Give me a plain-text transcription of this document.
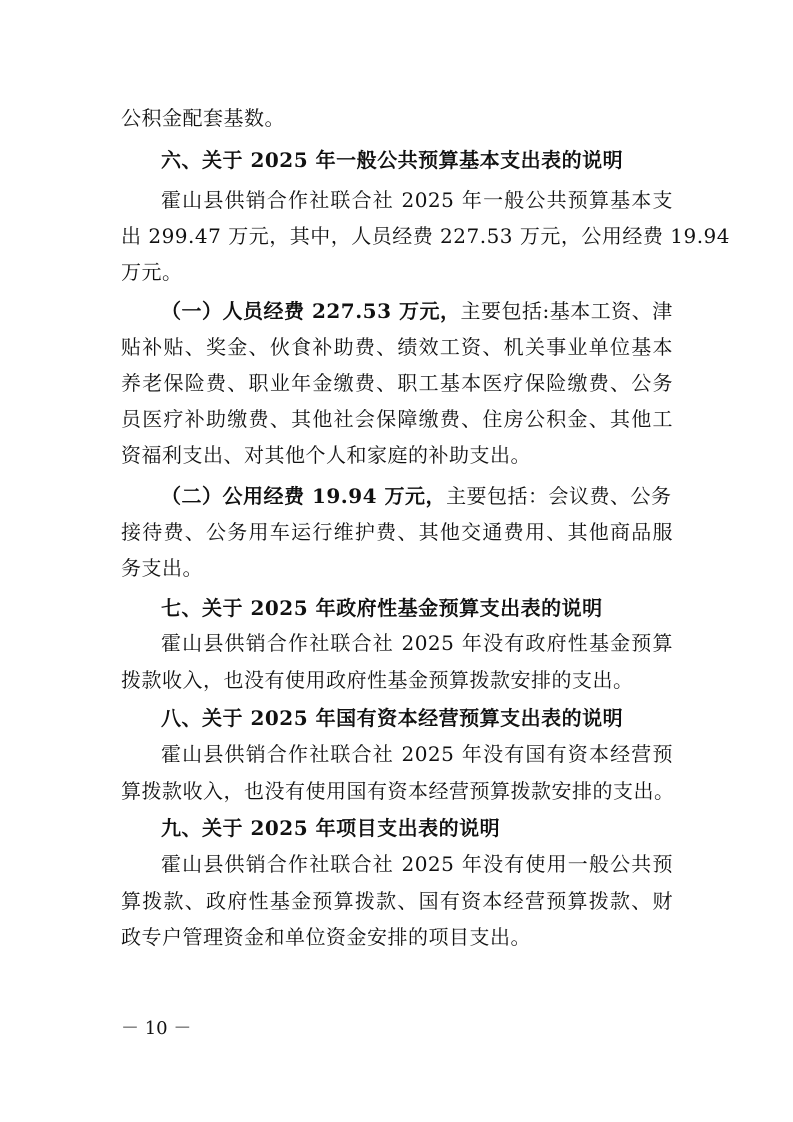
公积金配套基数。
六、关于 2025 年一般公共预算基本支出表的说明
霍山县供销合作社联合社 2025 年一般公共预算基本支
出 299.47 万元，其中，人员经费 227.53 万元，公用经费 19.94
万元。
（一）人员经费 227.53 万元，主要包括:基本工资、津
贴补贴、奖金、伙食补助费、绩效工资、机关事业单位基本
养老保险费、职业年金缴费、职工基本医疗保险缴费、公务
员医疗补助缴费、其他社会保障缴费、住房公积金、其他工
资福利支出、对其他个人和家庭的补助支出。
（二）公用经费 19.94 万元，主要包括：会议费、公务
接待费、公务用车运行维护费、其他交通费用、其他商品服
务支出。
七、关于 2025 年政府性基金预算支出表的说明
霍山县供销合作社联合社 2025 年没有政府性基金预算
拨款收入，也没有使用政府性基金预算拨款安排的支出。
八、关于 2025 年国有资本经营预算支出表的说明
霍山县供销合作社联合社 2025 年没有国有资本经营预
算拨款收入，也没有使用国有资本经营预算拨款安排的支出。
九、关于 2025 年项目支出表的说明
霍山县供销合作社联合社 2025 年没有使用一般公共预
算拨款、政府性基金预算拨款、国有资本经营预算拨款、财
政专户管理资金和单位资金安排的项目支出。
－ 10 －
